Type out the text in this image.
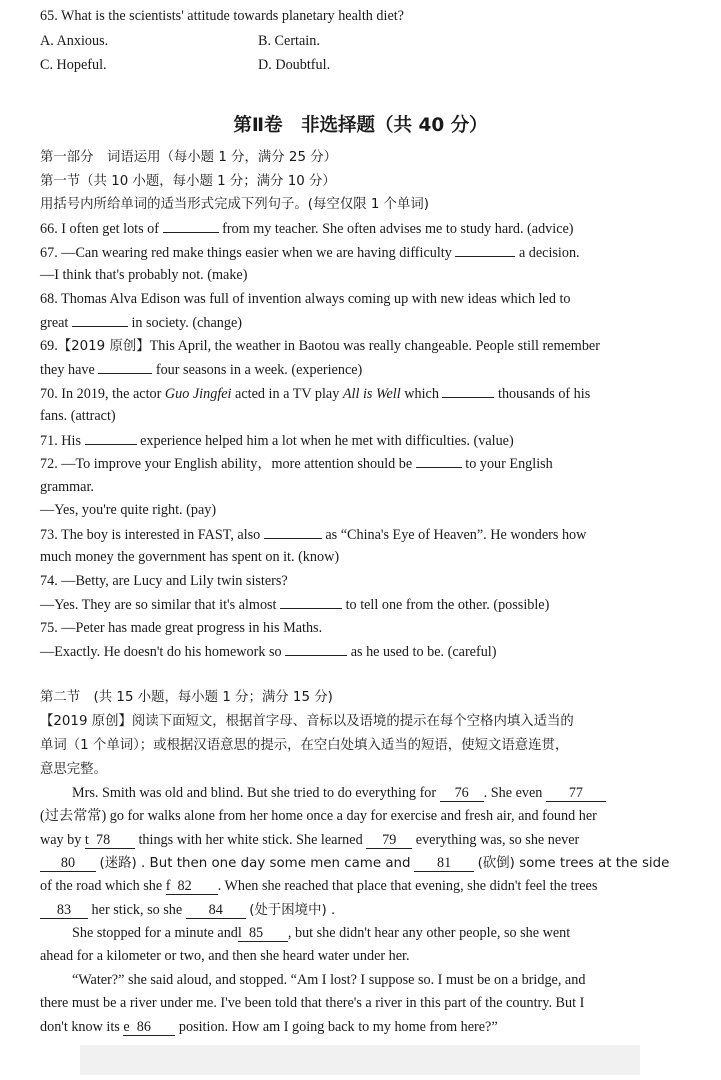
65. What is the scientists' attitude towards planetary health diet?
A. Anxious.	B. Certain.
C. Hopeful.	D. Doubtful.
第Ⅱ卷　非选择题（共 40 分）
第一部分　词语运用（每小题 1 分，满分 25 分）
第一节（共 10 小题，每小题 1 分；满分 10 分）
用括号内所给单词的适当形式完成下列句子。(每空仅限 1 个单词)
66. I often get lots of	from my teacher. She often advises me to study hard. (advice)
67. —Can wearing red make things easier when we are having difficulty	a decision.
—I think that's probably not. (make)
68. Thomas Alva Edison was full of invention always coming up with new ideas which led to
great	in society. (change)
69.【2019 原创】This April, the weather in Baotou was really changeable. People still remember
they have	four seasons in a week. (experience)
70. In 2019, the actor Guo Jingfei acted in a TV play All is Well which	thousands of his
fans. (attract)
71. His	experience helped him a lot when he met with difficulties. (value)
72. —To improve your English ability，more attention should be	to your English
grammar.
—Yes, you're quite right. (pay)
73. The boy is interested in FAST, also	as “China's Eye of Heaven”. He wonders how
much money the government has spent on it. (know)
74. —Betty, are Lucy and Lily twin sisters?
—Yes. They are so similar that it's almost	to tell one from the other. (possible)
75. —Peter has made great progress in his Maths.
—Exactly. He doesn't do his homework so	as he used to be. (careful)
第二节　(共 15 小题，每小题 1 分；满分 15 分)
【2019 原创】阅读下面短文，根据首字母、音标以及语境的提示在每个空格内填入适当的
单词（1 个单词）；或根据汉语意思的提示，在空白处填入适当的短语，使短文语意连贯，
意思完整。
Mrs. Smith was old and blind. But she tried to do everything for 76 . She even 77
(过去常常) go for walks alone from her home once a day for exercise and fresh air, and found her
way by t 78 things with her white stick. She learned 79 everything was, so she never
80 (迷路) . But then one day some men came and 81 (砍倒) some trees at the side
of the road which she f 82 . When she reached that place that evening, she didn't feel the trees
83 her stick, so she 84 (处于困境中) .
She stopped for a minute andl 85 , but she didn't hear any other people, so she went
ahead for a kilometer or two, and then she heard water under her.
“Water?” she said aloud, and stopped. “Am I lost? I suppose so. I must be on a bridge, and
there must be a river under me. I've been told that there's a river in this part of the country. But I
don't know its e 86 position. How am I going back to my home from here?”
